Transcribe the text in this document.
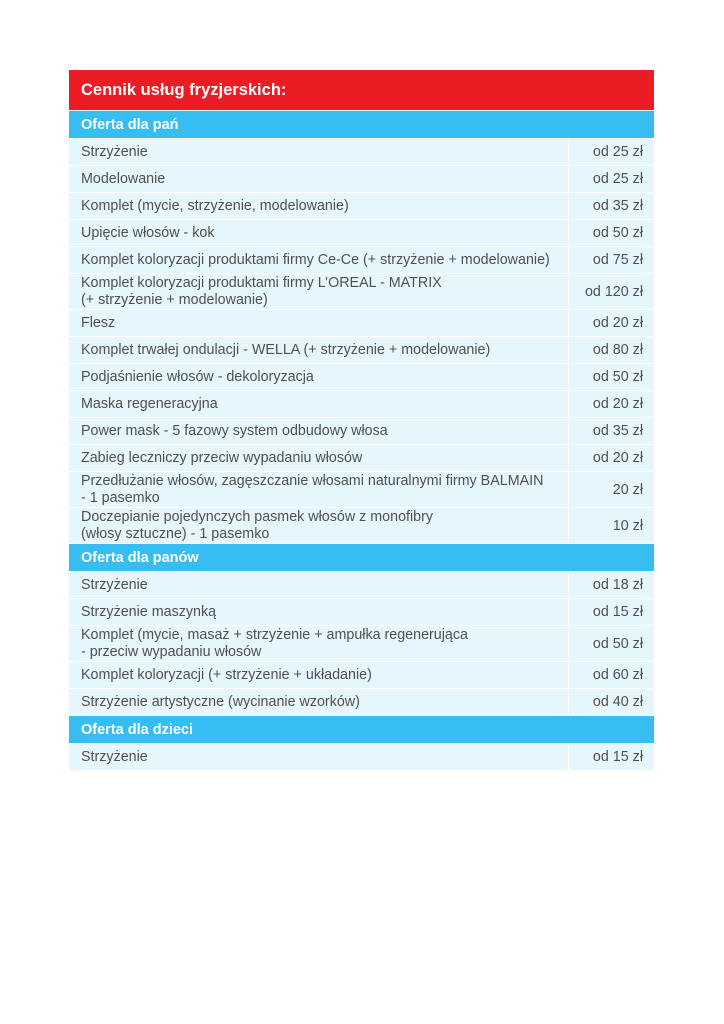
Cennik usług fryzjerskich:
Oferta dla pań
Strzyżenie	od 25 zł
Modelowanie	od 25 zł
Komplet (mycie, strzyżenie, modelowanie)	od 35 zł
Upięcie włosów - kok	od 50 zł
Komplet koloryzacji produktami firmy Ce-Ce (+ strzyżenie + modelowanie)	od 75 zł
Komplet koloryzacji produktami firmy L’OREAL - MATRIX
(+ strzyżenie + modelowanie)	od 120 zł
Flesz	od 20 zł
Komplet trwałej ondulacji - WELLA (+ strzyżenie + modelowanie)	od 80 zł
Podjaśnienie włosów - dekoloryzacja	od 50 zł
Maska regeneracyjna	od 20 zł
Power mask - 5 fazowy system odbudowy włosa	od 35 zł
Zabieg leczniczy przeciw wypadaniu włosów	od 20 zł
Przedłużanie włosów, zagęszczanie włosami naturalnymi firmy BALMAIN
- 1 pasemko	20 zł
Doczepianie pojedynczych pasmek włosów z monofibry
(włosy sztuczne) - 1 pasemko	10 zł
Oferta dla panów
Strzyżenie	od 18 zł
Strzyżenie maszynką	od 15 zł
Komplet (mycie, masaż + strzyżenie + ampułka regenerująca
- przeciw wypadaniu włosów	od 50 zł
Komplet koloryzacji (+ strzyżenie + układanie)	od 60 zł
Strzyżenie artystyczne (wycinanie wzorków)	od 40 zł
Oferta dla dzieci
Strzyżenie	od 15 zł
